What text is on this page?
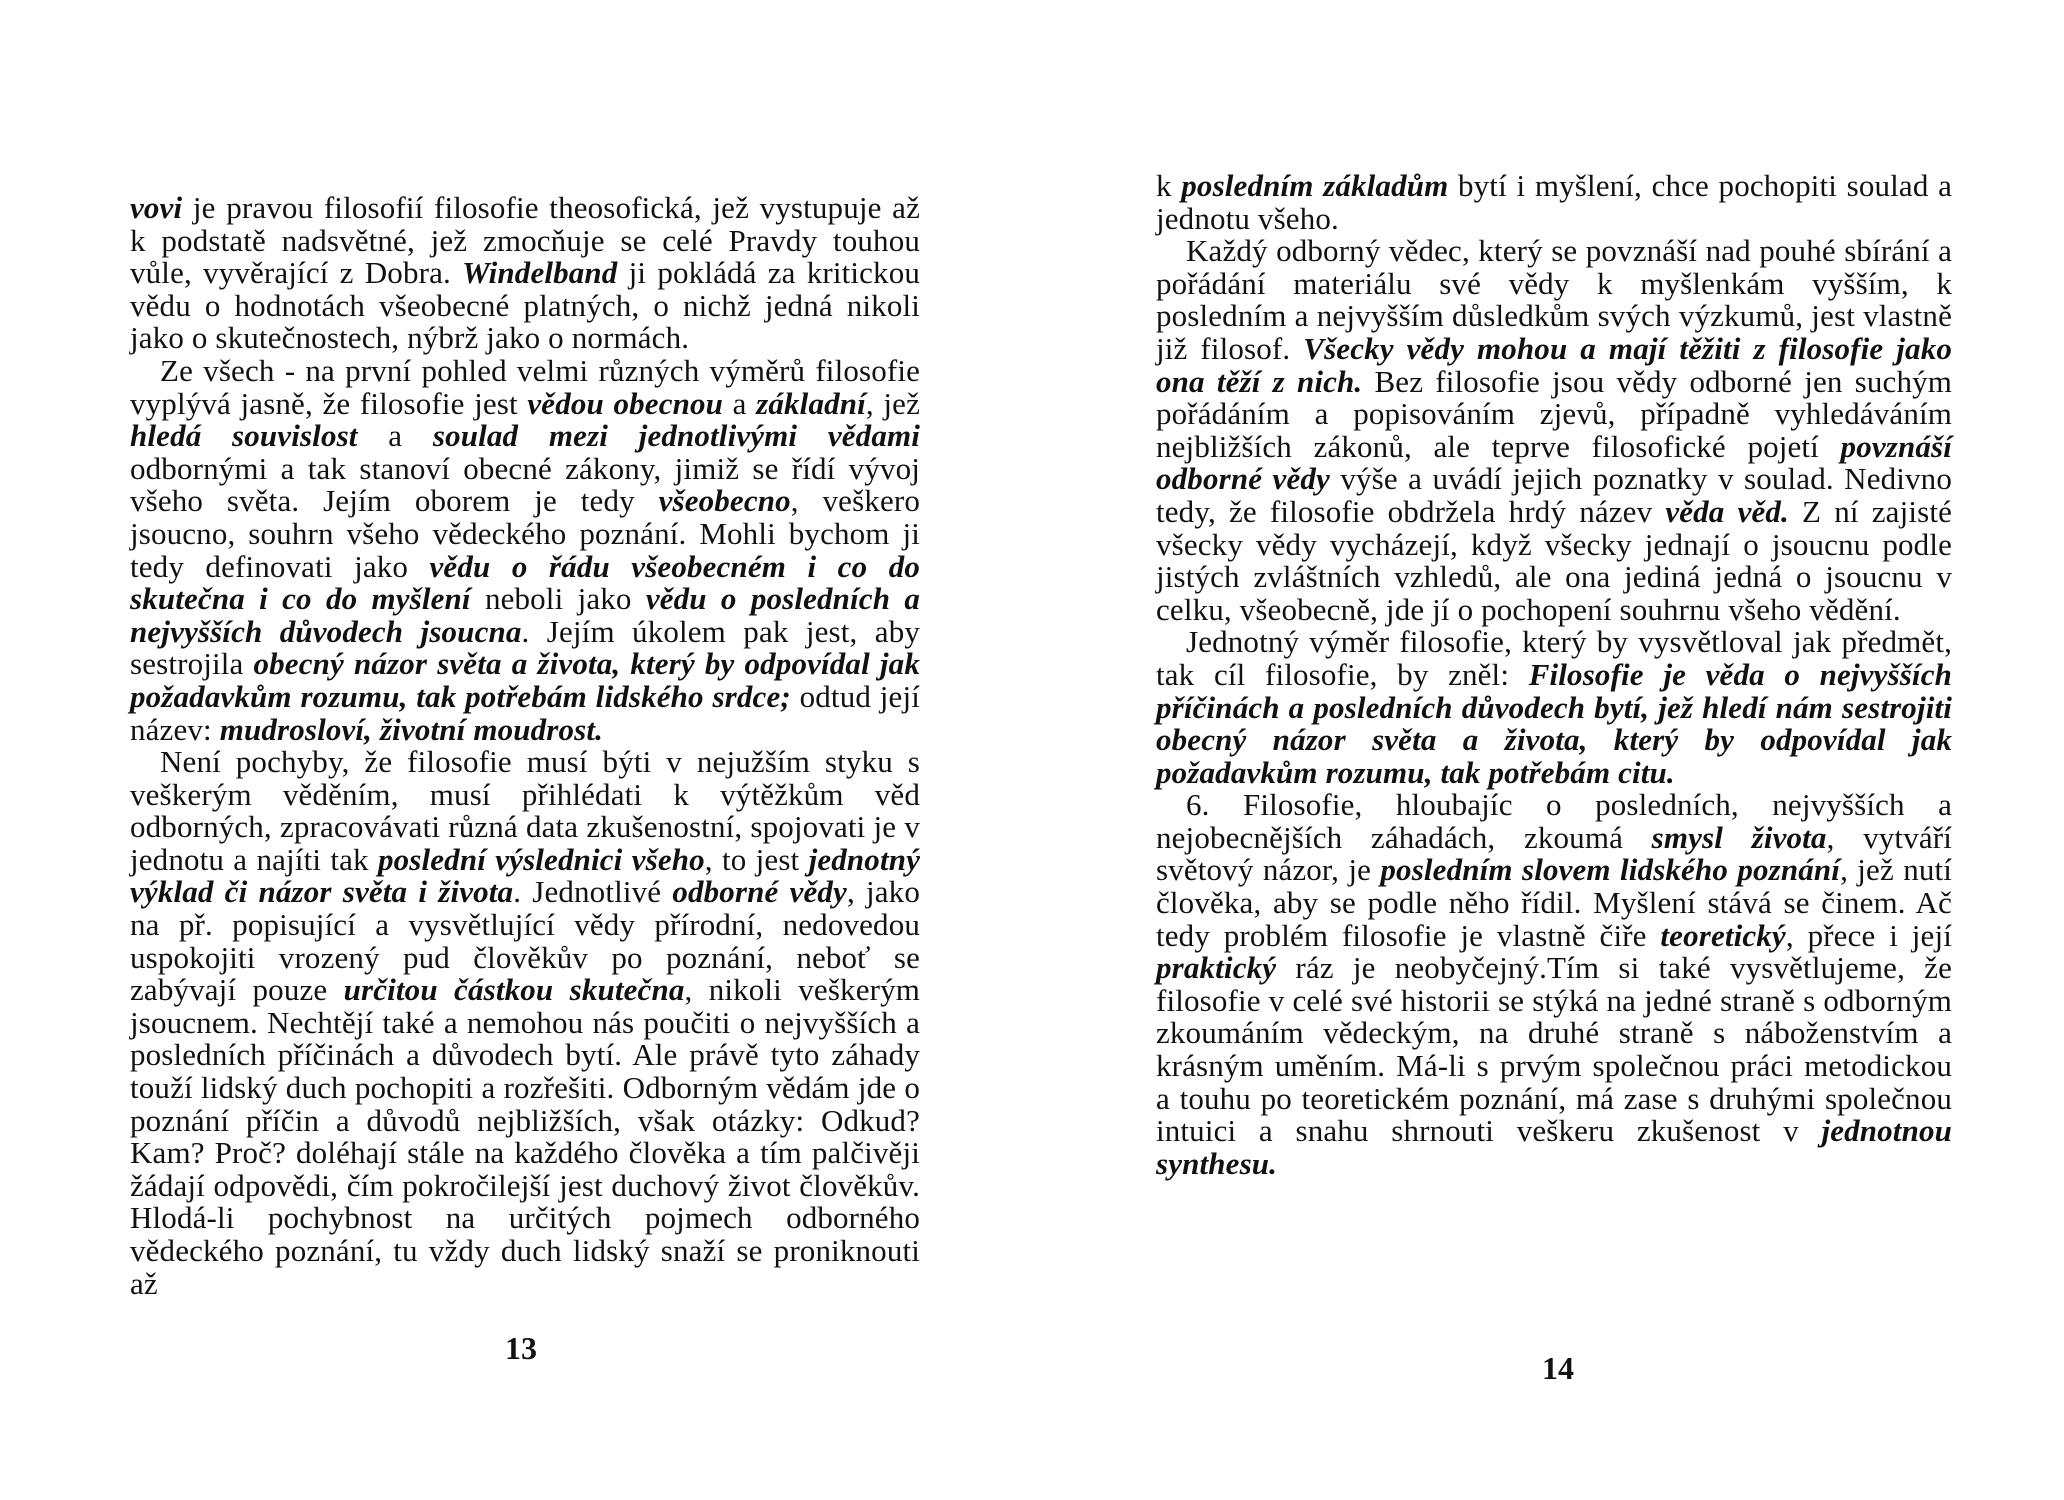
vovi je pravou filosofií filosofie theosofická, jež vystupuje až k podstatě nadsvětné, jež zmocňuje se celé Pravdy touhou vůle, vyvěrající z Dobra. Windelband ji pokládá za kritickou vědu o hodnotách všeobecné platných, o nichž jedná nikoli jako o skutečnostech, nýbrž jako o normách.

Ze všech - na první pohled velmi různých výměrů filosofie vyplývá jasně, že filosofie jest vědou obecnou a základní, jež hledá souvislost a soulad mezi jednotlivými vědami odbornými a tak stanoví obecné zákony, jimiž se řídí vývoj všeho světa. Jejím oborem je tedy všeobecno, veškero jsoucno, souhrn všeho vědeckého poznání. Mohli bychom ji tedy definovati jako vědu o řádu všeobecném i co do skutečna i co do myšlení neboli jako vědu o posledních a nejvyšších důvodech jsoucna. Jejím úkolem pak jest, aby sestrojila obecný názor světa a života, který by odpovídal jak požadavkům rozumu, tak potřebám lidského srdce; odtud její název: mudrosloví, životní moudrost.

Není pochyby, že filosofie musí býti v nejužším styku s veškerým věděním, musí přihlédati k výtěžkům věd odborných, zpracovávati různá data zkušenostní, spojovati je v jednotu a najíti tak poslední výslednici všeho, to jest jednotný výklad či názor světa i života. Jednotlivé odborné vědy, jako na př. popisující a vysvětlující vědy přírodní, nedovedou uspokojiti vrozený pud člověkův po poznání, neboť se zabývají pouze určitou částkou skutečna, nikoli veškerým jsoucnem. Nechtějí také a nemohou nás poučiti o nejvyšších a posledních příčinách a důvodech bytí. Ale právě tyto záhady touží lidský duch pochopiti a rozřešiti. Odborným vědám jde o poznání příčin a důvodů nejbližších, však otázky: Odkud? Kam? Proč? doléhají stále na každého člověka a tím palčivěji žádají odpovědi, čím pokročilejší jest duchový život člověkův. Hlodá-li pochybnost na určitých pojmech odborného vědeckého poznání, tu vždy duch lidský snaží se proniknouti až

13

k posledním základům bytí i myšlení, chce pochopiti soulad a jednotu všeho.

Každý odborný vědec, který se povznáší nad pouhé sbírání a pořádání materiálu své vědy k myšlenkám vyšším, k posledním a nejvyšším důsledkům svých výzkumů, jest vlastně již filosof. Všecky vědy mohou a mají těžiti z filosofie jako ona těží z nich. Bez filosofie jsou vědy odborné jen suchým pořádáním a popisováním zjevů, případně vyhledáváním nejbližších zákonů, ale teprve filosofické pojetí povznáší odborné vědy výše a uvádí jejich poznatky v soulad. Nedivno tedy, že filosofie obdržela hrdý název věda věd. Z ní zajisté všecky vědy vycházejí, když všecky jednají o jsoucnu podle jistých zvláštních vzhledů, ale ona jediná jedná o jsoucnu v celku, všeobecně, jde jí o pochopení souhrnu všeho vědění.

Jednotný výměr filosofie, který by vysvětloval jak předmět, tak cíl filosofie, by zněl: Filosofie je věda o nejvyšších příčinách a posledních důvodech bytí, jež hledí nám sestrojiti obecný názor světa a života, který by odpovídal jak požadavkům rozumu, tak potřebám citu.

6. Filosofie, hloubajíc o posledních, nejvyšších a nejobecnějších záhadách, zkoumá smysl života, vytváří světový názor, je posledním slovem lidského poznání, jež nutí člověka, aby se podle něho řídil. Myšlení stává se činem. Ač tedy problém filosofie je vlastně čiře teoretický, přece i její praktický ráz je neobyčejný.Tím si také vysvětlujeme, že filosofie v celé své historii se stýká na jedné straně s odborným zkoumáním vědeckým, na druhé straně s náboženstvím a krásným uměním. Má-li s prvým společnou práci metodickou a touhu po teoretickém poznání, má zase s druhými společnou intuici a snahu shrnouti veškeru zkušenost v jednotnou synthesu.

14
